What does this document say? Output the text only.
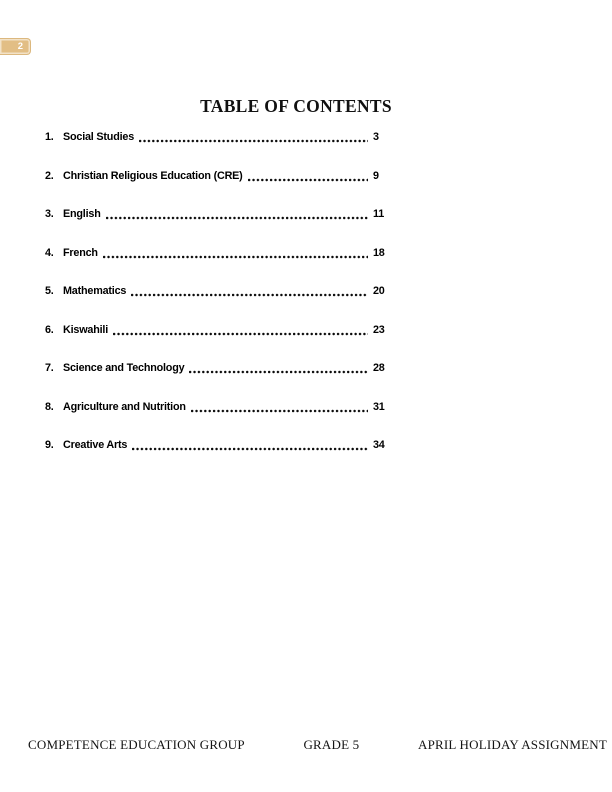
2
TABLE OF CONTENTS
1. Social Studies	3
2. Christian Religious Education (CRE)	9
3. English	11
4. French	18
5. Mathematics	20
6. Kiswahili	23
7. Science and Technology	28
8. Agriculture and Nutrition	31
9. Creative Arts	34
COMPETENCE EDUCATION GROUP	GRADE 5	APRIL HOLIDAY ASSIGNMENT
